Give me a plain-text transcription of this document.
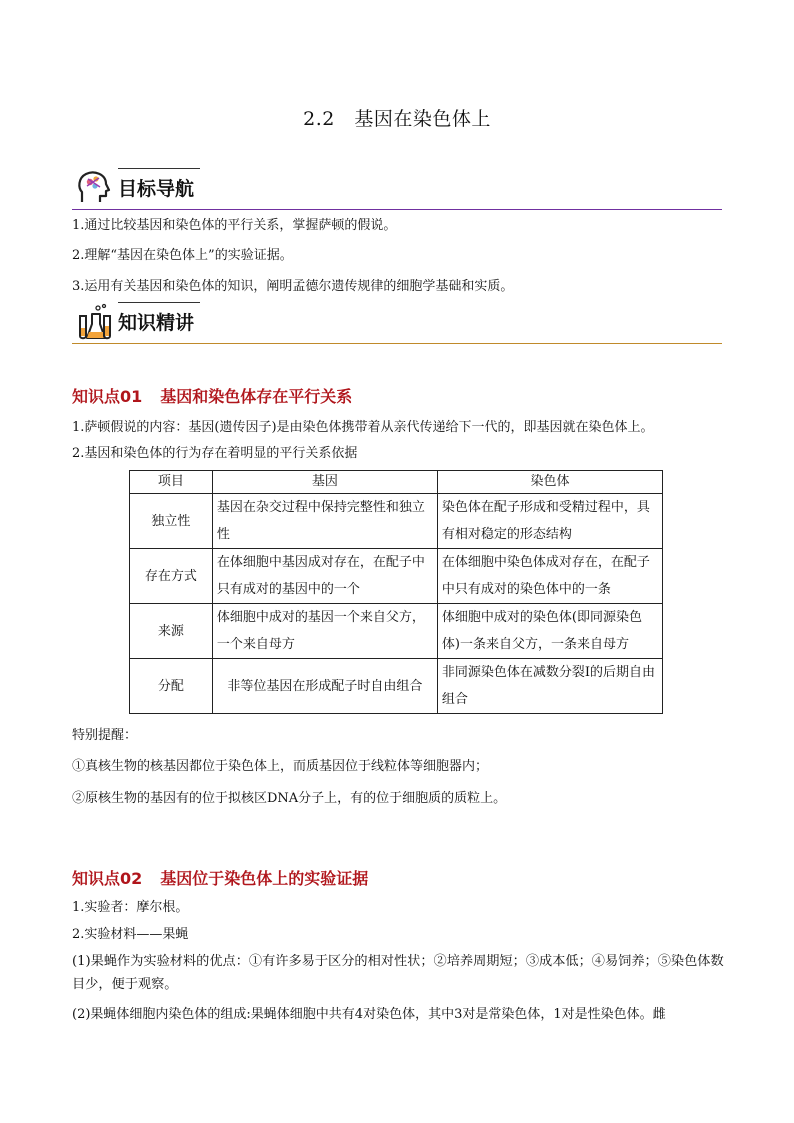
2.2　基因在染色体上
目标导航

1.通过比较基因和染色体的平行关系，掌握萨顿的假说。

2.理解“基因在染色体上”的实验证据。

3.运用有关基因和染色体的知识，阐明孟德尔遗传规律的细胞学基础和实质。

知识精讲
知识点01 基因和染色体存在平行关系

1.萨顿假说的内容：基因(遗传因子)是由染色体携带着从亲代传递给下一代的，即基因就在染色体上。

2.基因和染色体的行为存在着明显的平行关系依据

项目	基因	染色体
独立性	基因在杂交过程中保持完整性和独立性	染色体在配子形成和受精过程中，具有相对稳定的形态结构
存在方式	在体细胞中基因成对存在，在配子中只有成对的基因中的一个	在体细胞中染色体成对存在，在配子中只有成对的染色体中的一条
来源	体细胞中成对的基因一个来自父方，一个来自母方	体细胞中成对的染色体(即同源染色体)一条来自父方，一条来自母方
分配	非等位基因在形成配子时自由组合	非同源染色体在减数分裂Ⅰ的后期自由组合

特别提醒：

①真核生物的核基因都位于染色体上，而质基因位于线粒体等细胞器内；

②原核生物的基因有的位于拟核区DNA分子上，有的位于细胞质的质粒上。

知识点02 基因位于染色体上的实验证据

1.实验者：摩尔根。

2.实验材料——果蝇

(1)果蝇作为实验材料的优点：①有许多易于区分的相对性状；②培养周期短；③成本低；④易饲养；⑤染色体数目少，便于观察。

(2)果蝇体细胞内染色体的组成:果蝇体细胞中共有4对染色体，其中3对是常染色体，1对是性染色体。雌
